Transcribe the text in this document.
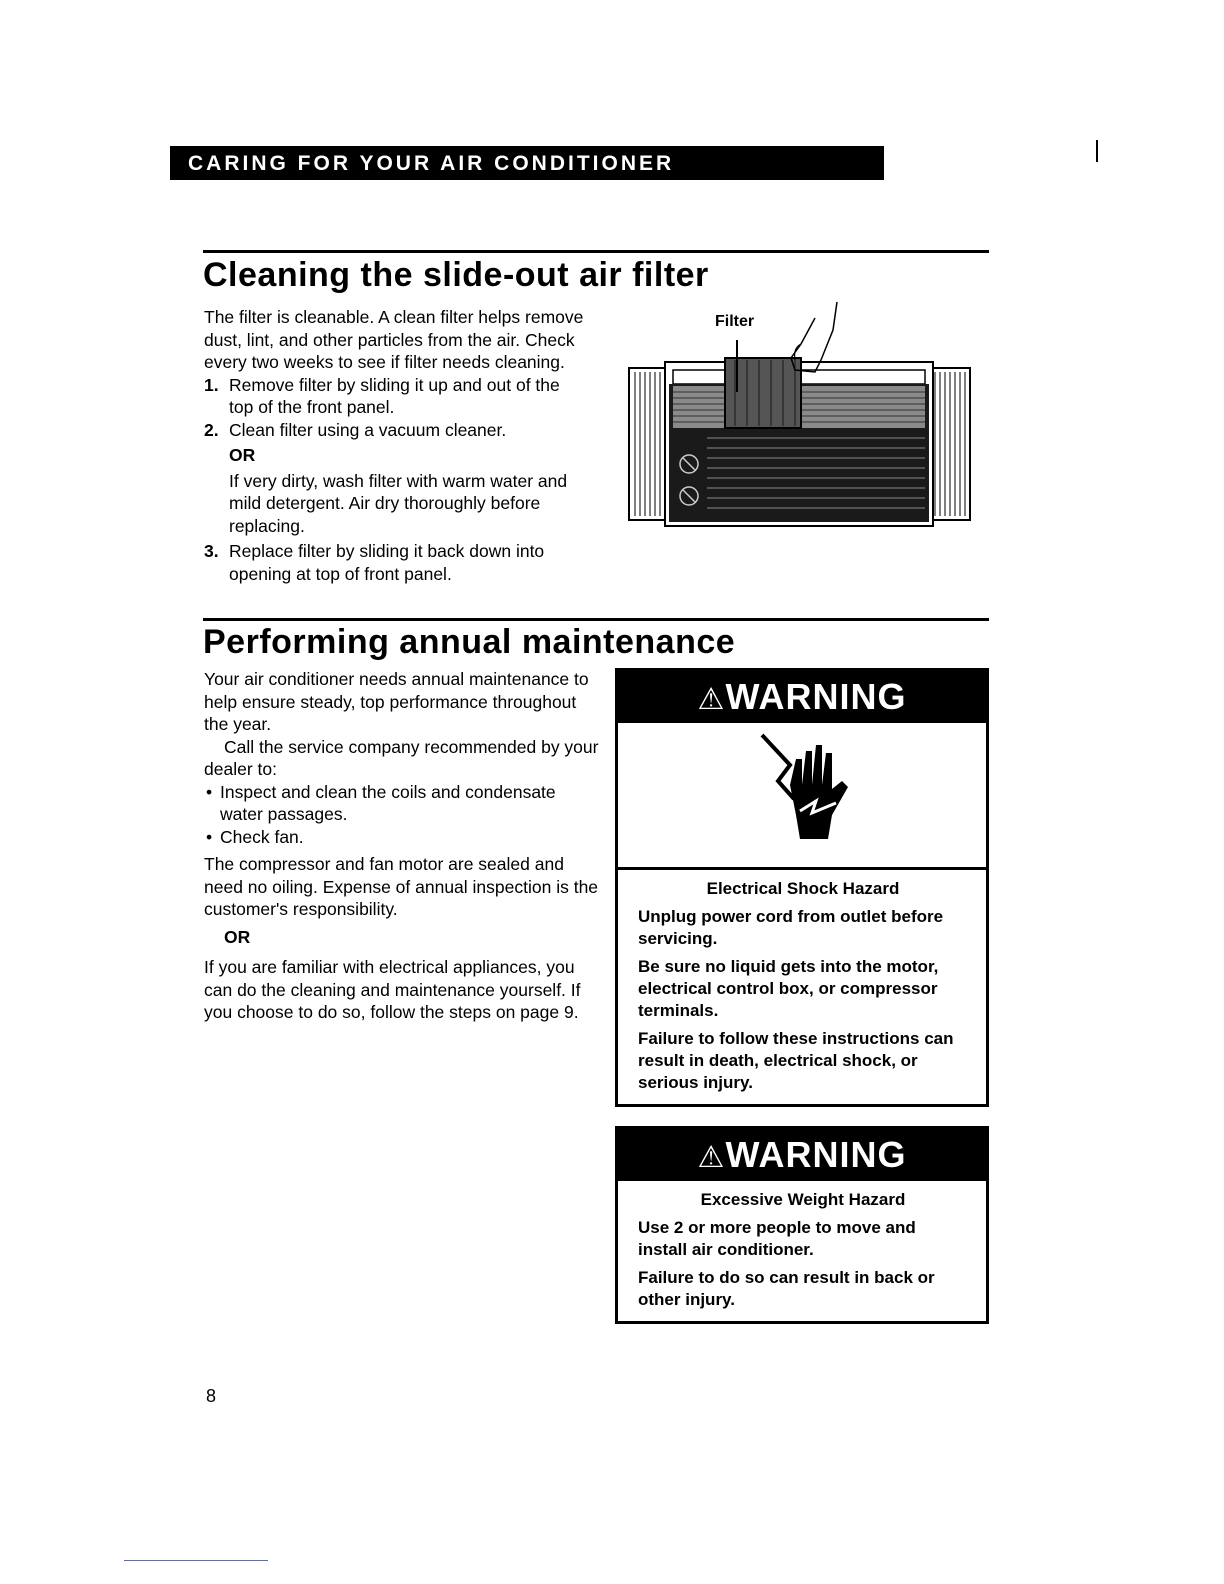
CARING FOR YOUR AIR CONDITIONER
Cleaning the slide-out air filter

The filter is cleanable. A clean filter helps remove dust, lint, and other particles from the air. Check every two weeks to see if filter needs cleaning.

1. Remove filter by sliding it up and out of the top of the front panel.
2. Clean filter using a vacuum cleaner.
OR
If very dirty, wash filter with warm water and mild detergent. Air dry thoroughly before replacing.
3. Replace filter by sliding it back down into opening at top of front panel.
Filter
Performing annual maintenance

Your air conditioner needs annual maintenance to help ensure steady, top performance throughout the year.

Call the service company recommended by your dealer to:

• Inspect and clean the coils and condensate water passages.
• Check fan.

The compressor and fan motor are sealed and need no oiling. Expense of annual inspection is the customer's responsibility.

OR

If you are familiar with electrical appliances, you can do the cleaning and maintenance yourself. If you choose to do so, follow the steps on page 9.

⚠WARNING
Electrical Shock Hazard

Unplug power cord from outlet before servicing.

Be sure no liquid gets into the motor, electrical control box, or compressor terminals.

Failure to follow these instructions can result in death, electrical shock, or serious injury.

⚠WARNING
Excessive Weight Hazard

Use 2 or more people to move and install air conditioner.

Failure to do so can result in back or other injury.

8
